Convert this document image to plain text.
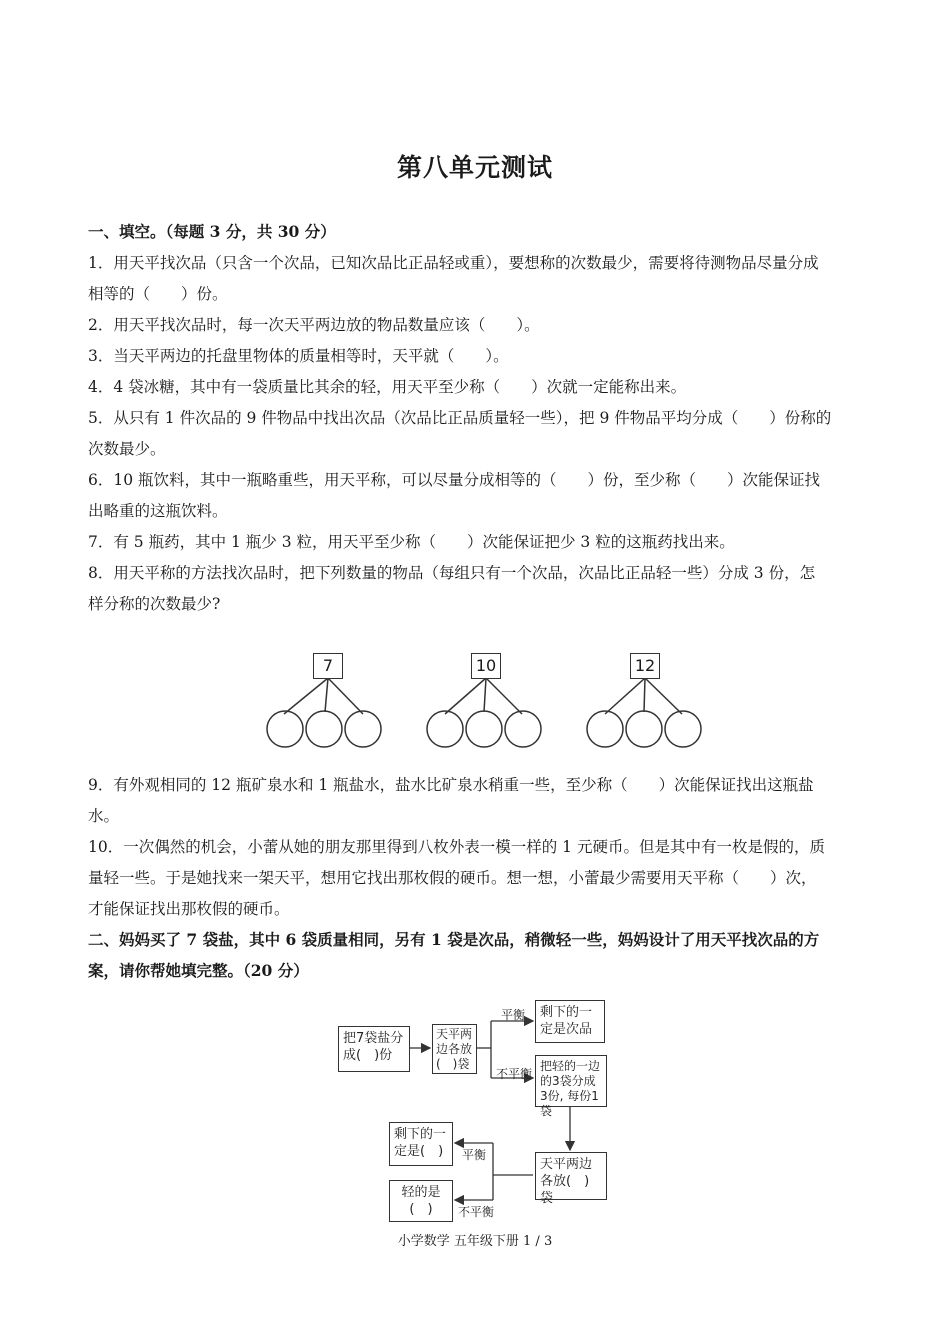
第八单元测试
一、填空。（每题 3 分，共 30 分）
1．用天平找次品（只含一个次品，已知次品比正品轻或重），要想称的次数最少，需要将待测物品尽量分成
相等的（　　）份。
2．用天平找次品时，每一次天平两边放的物品数量应该（　　）。
3．当天平两边的托盘里物体的质量相等时，天平就（　　）。
4．4 袋冰糖，其中有一袋质量比其余的轻，用天平至少称（　　）次就一定能称出来。
5．从只有 1 件次品的 9 件物品中找出次品（次品比正品质量轻一些），把 9 件物品平均分成（　　）份称的
次数最少。
6．10 瓶饮料，其中一瓶略重些，用天平称，可以尽量分成相等的（　　）份，至少称（　　）次能保证找
出略重的这瓶饮料。
7．有 5 瓶药，其中 1 瓶少 3 粒，用天平至少称（　　）次能保证把少 3 粒的这瓶药找出来。
8．用天平称的方法找次品时，把下列数量的物品（每组只有一个次品，次品比正品轻一些）分成 3 份，怎
样分称的次数最少?
7	10	12
9．有外观相同的 12 瓶矿泉水和 1 瓶盐水，盐水比矿泉水稍重一些，至少称（　　）次能保证找出这瓶盐
水。
10．一次偶然的机会，小蕾从她的朋友那里得到八枚外表一模一样的 1 元硬币。但是其中有一枚是假的，质
量轻一些。于是她找来一架天平，想用它找出那枚假的硬币。想一想，小蕾最少需要用天平称（　　）次，
才能保证找出那枚假的硬币。
二、妈妈买了 7 袋盐，其中 6 袋质量相同，另有 1 袋是次品，稍微轻一些，妈妈设计了用天平找次品的方
案，请你帮她填完整。（20 分）
把7袋盐分成(　)份
天平两边各放(　)袋
剩下的一定是次品
把轻的一边的3袋分成3份, 每份1袋
天平两边各放(　)袋
剩下的一定是(　)
轻的是(　)
平衡
不平衡
平衡
不平衡
小学数学 五年级下册 1 / 3
